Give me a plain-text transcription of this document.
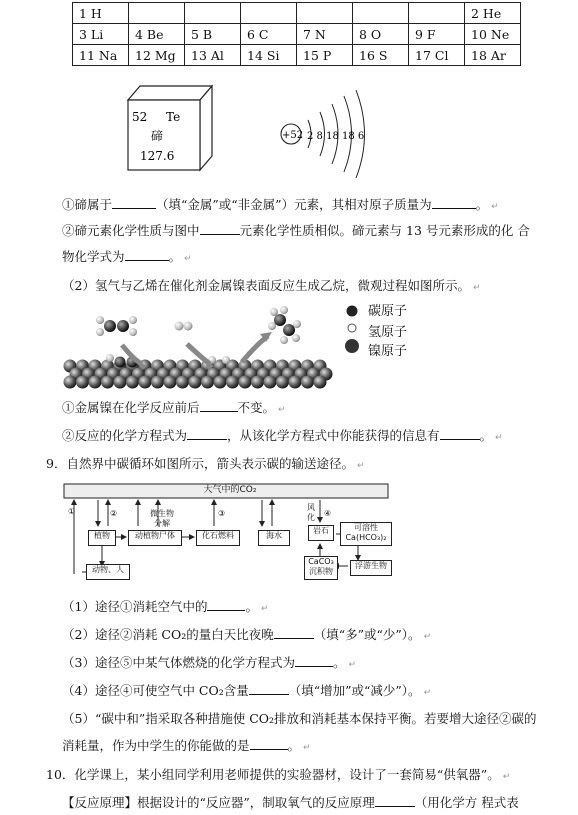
1 H							2 He
3 Li	4 Be	5 B	6 C	7 N	8 O	9 F	10 Ne
11 Na	12 Mg	13 Al	14 Si	15 P	16 S	17 Cl	18 Ar
52 Te
碲
127.6
+52 2 8 18 18 6
①碲属于	（填“金属”或“非金属”）元素，其相对原子质量为	。 ↵
②碲元素化学性质与图中	元素化学性质相似。碲元素与 13 号元素形成的化 合
物化学式为	。 ↵
（2）氢气与乙烯在催化剂金属镍表面反应生成乙烷，微观过程如图所示。 ↵
碳原子
氢原子
镍原子
①金属镍在化学反应前后	不变。 ↵
②反应的化学方程式为	，从该化学方程式中你能获得的信息有	。 ↵
9．自然界中碳循环如图所示，箭头表示碳的输送途径。 ↵
②
①	③	④
大气中的CO₂
植物
动物、人
动植物尸体
微生物
分解
化石燃料	海水
岩石
风
化
可溶性
Ca(HCO₃)₂
CaCO₃
沉积物
浮游生物
（1）途径①消耗空气中的	。 ↵
（2）途径②消耗 CO₂的量白天比夜晚	（填“多”或“少”）。 ↵
（3）途径⑤中某气体燃烧的化学方程式为	。 ↵
（4）途径④可使空气中 CO₂含量	（填“增加”或“减少”）。 ↵
（5）“碳中和”指采取各种措施使 CO₂排放和消耗基本保持平衡。若要增大途径②碳的
消耗量，作为中学生的你能做的是	。 ↵
10．化学课上，某小组同学利用老师提供的实验器材，设计了一套简易“供氧器”。 ↵
【反应原理】根据设计的“反应器”，制取氧气的反应原理	（用化学方 程式表
